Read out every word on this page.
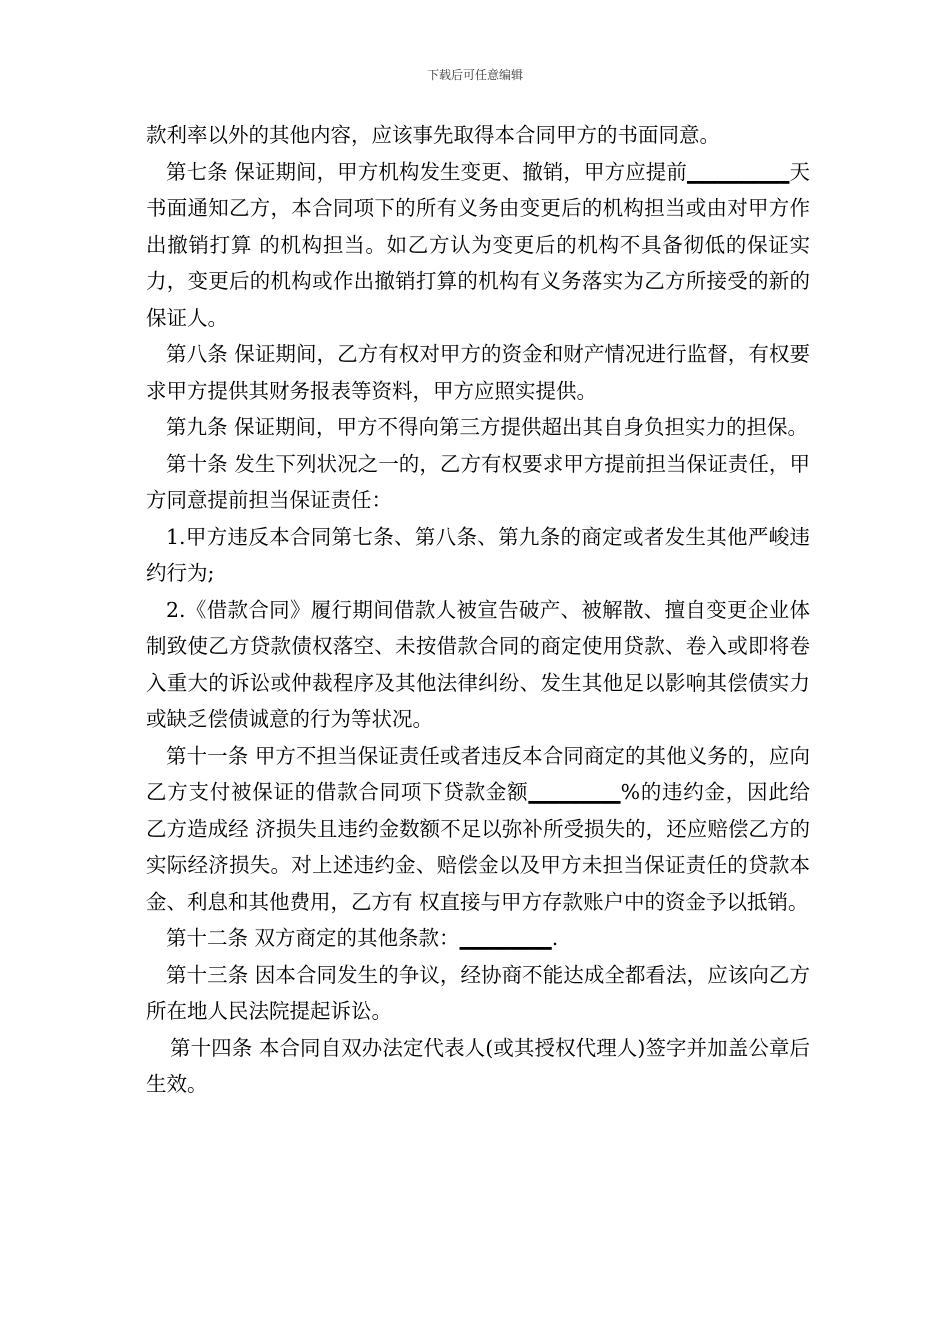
下载后可任意编辑

款利率以外的其他内容，应该事先取得本合同甲方的书面同意。

第七条 保证期间，甲方机构发生变更、撤销，甲方应提前__________天书面通知乙方，本合同项下的所有义务由变更后的机构担当或由对甲方作出撤销打算 的机构担当。如乙方认为变更后的机构不具备彻低的保证实力，变更后的机构或作出撤销打算的机构有义务落实为乙方所接受的新的保证人。

第八条 保证期间，乙方有权对甲方的资金和财产情况进行监督，有权要求甲方提供其财务报表等资料，甲方应照实提供。

第九条 保证期间，甲方不得向第三方提供超出其自身负担实力的担保。

第十条 发生下列状况之一的，乙方有权要求甲方提前担当保证责任，甲方同意提前担当保证责任：

1.甲方违反本合同第七条、第八条、第九条的商定或者发生其他严峻违约行为;

2.《借款合同》履行期间借款人被宣告破产、被解散、擅自变更企业体制致使乙方贷款债权落空、未按借款合同的商定使用贷款、卷入或即将卷入重大的诉讼或仲裁程序及其他法律纠纷、发生其他足以影响其偿债实力或缺乏偿债诚意的行为等状况。

第十一条 甲方不担当保证责任或者违反本合同商定的其他义务的，应向乙方支付被保证的借款合同项下贷款金额_________%的违约金，因此给乙方造成经 济损失且违约金数额不足以弥补所受损失的，还应赔偿乙方的实际经济损失。对上述违约金、赔偿金以及甲方未担当保证责任的贷款本金、利息和其他费用，乙方有 权直接与甲方存款账户中的资金予以抵销。

第十二条 双方商定的其他条款：_________.

第十三条 因本合同发生的争议，经协商不能达成全都看法，应该向乙方所在地人民法院提起诉讼。

第十四条 本合同自双办法定代表人(或其授权代理人)签字并加盖公章后生效。
